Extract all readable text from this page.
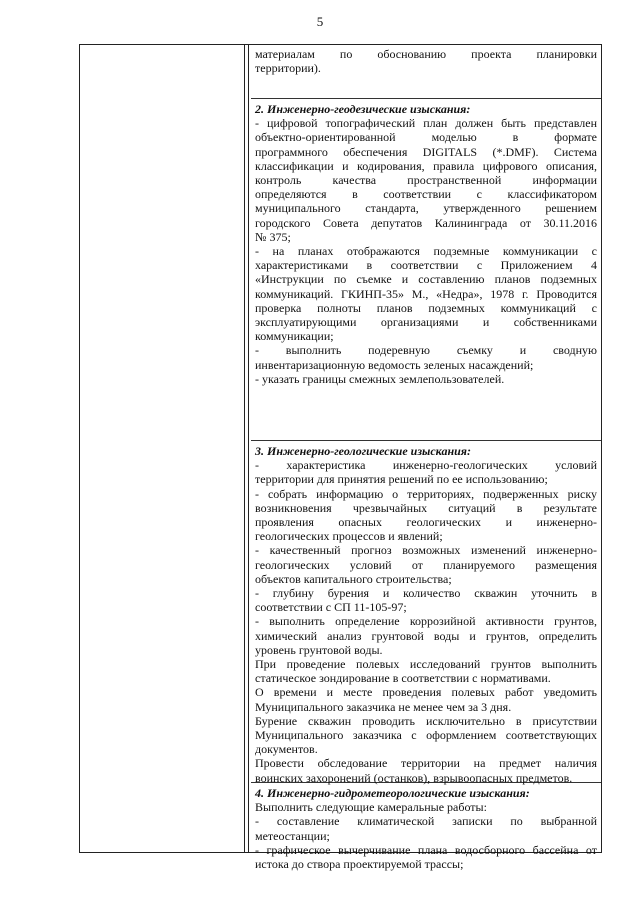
5
материалам по обоснованию проекта планировки
территории).
2. Инженерно-геодезические изыскания:
- цифровой топографический план должен быть представлен
объектно-ориентированной моделью в формате
программного обеспечения DIGITALS (*.DMF). Система
классификации и кодирования, правила цифрового описания,
контроль качества пространственной информации
определяются в соответствии с классификатором
муниципального стандарта, утвержденного решением
городского Совета депутатов Калининграда от 30.11.2016
№ 375;
- на планах отображаются подземные коммуникации с
характеристиками в соответствии с Приложением 4
«Инструкции по съемке и составлению планов подземных
коммуникаций. ГКИНП-35» М., «Недра», 1978 г. Проводится
проверка полноты планов подземных коммуникаций с
эксплуатирующими организациями и собственниками
коммуникации;
- выполнить подеревную съемку и сводную
инвентаризационную ведомость зеленых насаждений;
- указать границы смежных землепользователей.
3. Инженерно-геологические изыскания:
- характеристика инженерно-геологических условий
территории для принятия решений по ее использованию;
- собрать информацию о территориях, подверженных риску
возникновения чрезвычайных ситуаций в результате
проявления опасных геологических и инженерно-
геологических процессов и явлений;
- качественный прогноз возможных изменений инженерно-
геологических условий от планируемого размещения
объектов капитального строительства;
- глубину бурения и количество скважин уточнить в
соответствии с СП 11-105-97;
- выполнить определение коррозийной активности грунтов,
химический анализ грунтовой воды и грунтов, определить
уровень грунтовой воды.
При проведение полевых исследований грунтов выполнить
статическое зондирование в соответствии с нормативами.
О времени и месте проведения полевых работ уведомить
Муниципального заказчика не менее чем за 3 дня.
Бурение скважин проводить исключительно в присутствии
Муниципального заказчика с оформлением соответствующих
документов.
Провести обследование территории на предмет наличия
воинских захоронений (останков), взрывоопасных предметов.
4. Инженерно-гидрометеорологические изыскания:
Выполнить следующие камеральные работы:
- составление климатической записки по выбранной
метеостанции;
- графическое вычерчивание плана водосборного бассейна от
истока до створа проектируемой трассы;
